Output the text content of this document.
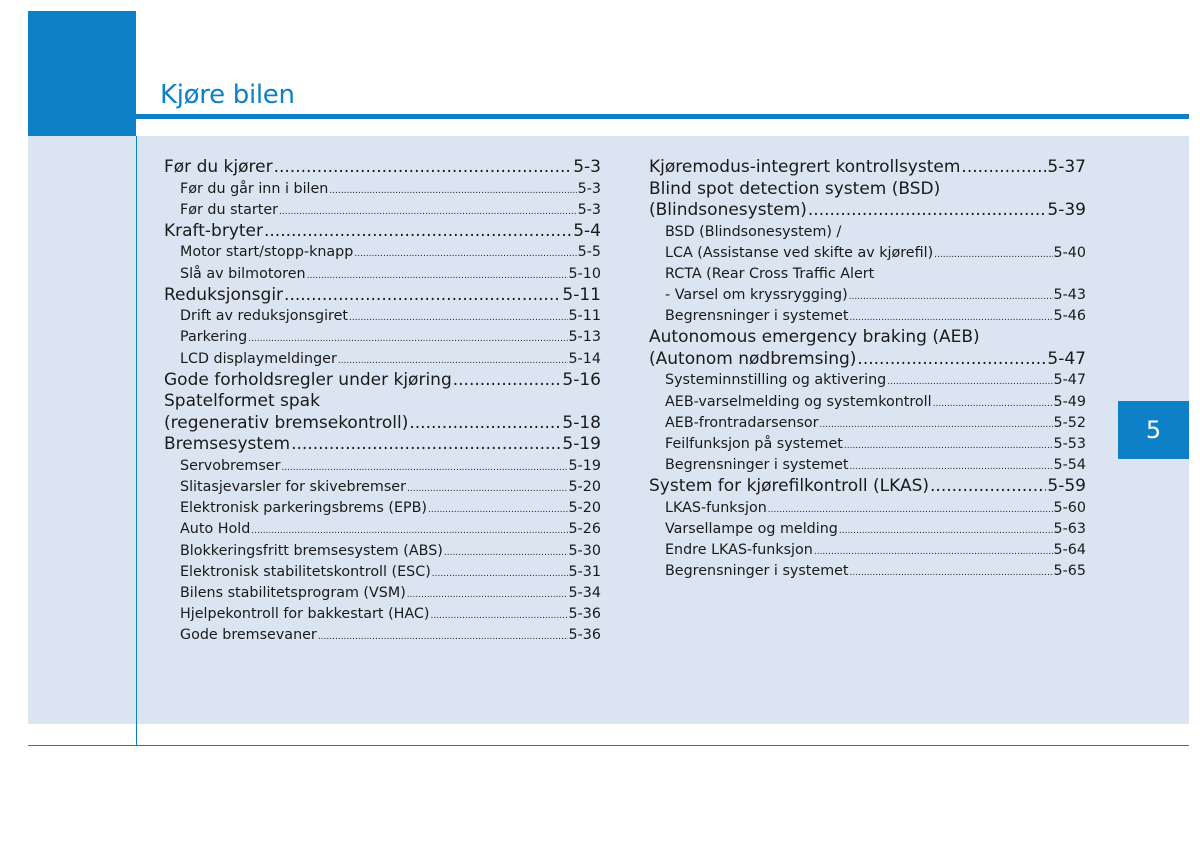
Kjøre bilen
5
Før du kjører .....	5-3
Før du går inn i bilen .....	5-3
Før du starter .....	5-3
Kraft-bryter .....	5-4
Motor start/stopp-knapp .....	5-5
Slå av bilmotoren .....	5-10
Reduksjonsgir .....	5-11
Drift av reduksjonsgiret .....	5-11
Parkering .....	5-13
LCD displaymeldinger .....	5-14
Gode forholdsregler under kjøring .....	5-16
Spatelformet spak
(regenerativ bremsekontroll) .....	5-18
Bremsesystem .....	5-19
Servobremser .....	5-19
Slitasjevarsler for skivebremser .....	5-20
Elektronisk parkeringsbrems (EPB) .....	5-20
Auto Hold .....	5-26
Blokkeringsfritt bremsesystem (ABS) .....	5-30
Elektronisk stabilitetskontroll (ESC) .....	5-31
Bilens stabilitetsprogram (VSM) .....	5-34
Hjelpekontroll for bakkestart (HAC) .....	5-36
Gode bremsevaner .....	5-36
Kjøremodus-integrert kontrollsystem .....	5-37
Blind spot detection system (BSD)
(Blindsonesystem) .....	5-39
BSD (Blindsonesystem) /
LCA (Assistanse ved skifte av kjørefil) .....	5-40
RCTA (Rear Cross Traffic Alert
- Varsel om kryssrygging) .....	5-43
Begrensninger i systemet .....	5-46
Autonomous emergency braking (AEB)
(Autonom nødbremsing) .....	5-47
Systeminnstilling og aktivering .....	5-47
AEB-varselmelding og systemkontroll .....	5-49
AEB-frontradarsensor .....	5-52
Feilfunksjon på systemet .....	5-53
Begrensninger i systemet .....	5-54
System for kjørefilkontroll (LKAS) .....	5-59
LKAS-funksjon .....	5-60
Varsellampe og melding .....	5-63
Endre LKAS-funksjon .....	5-64
Begrensninger i systemet .....	5-65
